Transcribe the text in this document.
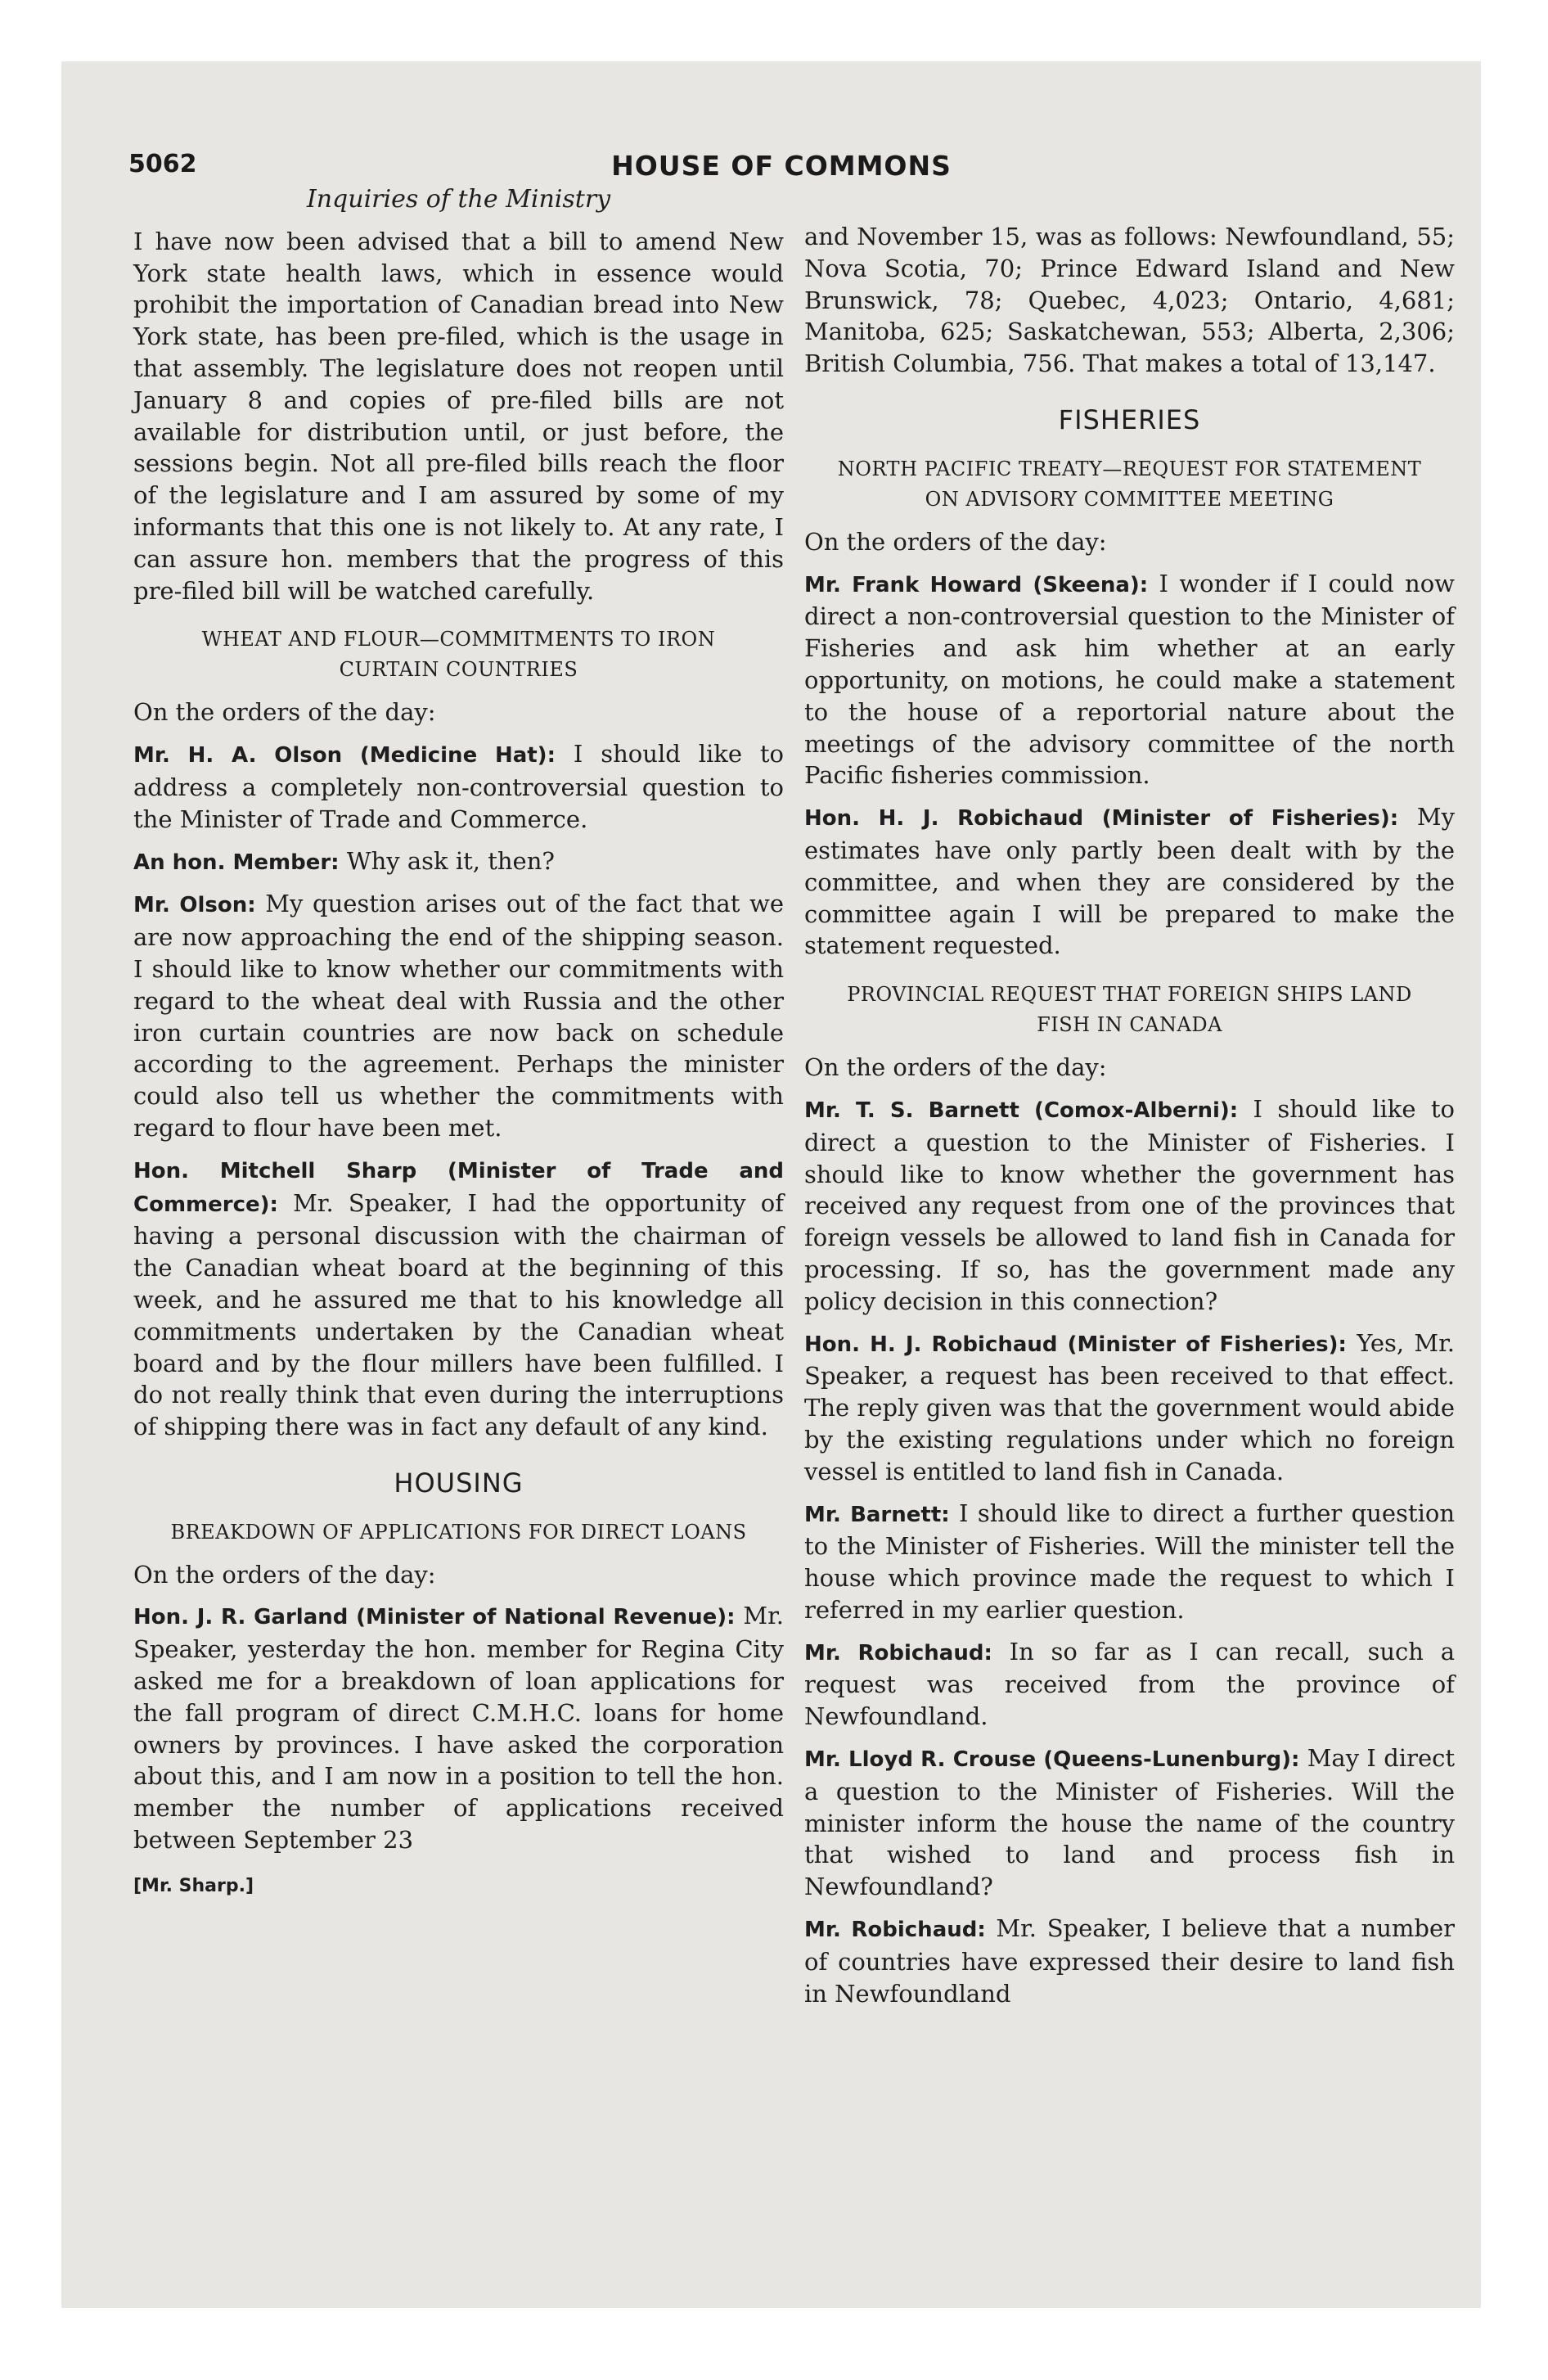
5062	HOUSE OF COMMONS

Inquiries of the Ministry

I have now been advised that a bill to amend New York state health laws, which in essence would prohibit the importation of Canadian bread into New York state, has been pre-filed, which is the usage in that assembly. The legislature does not reopen until January 8 and copies of pre-filed bills are not available for distribution until, or just before, the sessions begin. Not all pre-filed bills reach the floor of the legislature and I am assured by some of my informants that this one is not likely to. At any rate, I can assure hon. members that the progress of this pre-filed bill will be watched carefully.

WHEAT AND FLOUR—COMMITMENTS TO IRON CURTAIN COUNTRIES

On the orders of the day:

Mr. H. A. Olson (Medicine Hat): I should like to address a completely non-controversial question to the Minister of Trade and Commerce.

An hon. Member: Why ask it, then?

Mr. Olson: My question arises out of the fact that we are now approaching the end of the shipping season. I should like to know whether our commitments with regard to the wheat deal with Russia and the other iron curtain countries are now back on schedule according to the agreement. Perhaps the minister could also tell us whether the commitments with regard to flour have been met.

Hon. Mitchell Sharp (Minister of Trade and Commerce): Mr. Speaker, I had the opportunity of having a personal discussion with the chairman of the Canadian wheat board at the beginning of this week, and he assured me that to his knowledge all commitments undertaken by the Canadian wheat board and by the flour millers have been fulfilled. I do not really think that even during the interruptions of shipping there was in fact any default of any kind.

HOUSING

BREAKDOWN OF APPLICATIONS FOR DIRECT LOANS

On the orders of the day:

Hon. J. R. Garland (Minister of National Revenue): Mr. Speaker, yesterday the hon. member for Regina City asked me for a breakdown of loan applications for the fall program of direct C.M.H.C. loans for home owners by provinces. I have asked the corporation about this, and I am now in a position to tell the hon. member the number of applications received between September 23

[Mr. Sharp.]

and November 15, was as follows: Newfoundland, 55; Nova Scotia, 70; Prince Edward Island and New Brunswick, 78; Quebec, 4,023; Ontario, 4,681; Manitoba, 625; Saskatchewan, 553; Alberta, 2,306; British Columbia, 756. That makes a total of 13,147.

FISHERIES

NORTH PACIFIC TREATY—REQUEST FOR STATEMENT ON ADVISORY COMMITTEE MEETING

On the orders of the day:

Mr. Frank Howard (Skeena): I wonder if I could now direct a non-controversial question to the Minister of Fisheries and ask him whether at an early opportunity, on motions, he could make a statement to the house of a reportorial nature about the meetings of the advisory committee of the north Pacific fisheries commission.

Hon. H. J. Robichaud (Minister of Fisheries): My estimates have only partly been dealt with by the committee, and when they are considered by the committee again I will be prepared to make the statement requested.

PROVINCIAL REQUEST THAT FOREIGN SHIPS LAND FISH IN CANADA

On the orders of the day:

Mr. T. S. Barnett (Comox-Alberni): I should like to direct a question to the Minister of Fisheries. I should like to know whether the government has received any request from one of the provinces that foreign vessels be allowed to land fish in Canada for processing. If so, has the government made any policy decision in this connection?

Hon. H. J. Robichaud (Minister of Fisheries): Yes, Mr. Speaker, a request has been received to that effect. The reply given was that the government would abide by the existing regulations under which no foreign vessel is entitled to land fish in Canada.

Mr. Barnett: I should like to direct a further question to the Minister of Fisheries. Will the minister tell the house which province made the request to which I referred in my earlier question.

Mr. Robichaud: In so far as I can recall, such a request was received from the province of Newfoundland.

Mr. Lloyd R. Crouse (Queens-Lunenburg): May I direct a question to the Minister of Fisheries. Will the minister inform the house the name of the country that wished to land and process fish in Newfoundland?

Mr. Robichaud: Mr. Speaker, I believe that a number of countries have expressed their desire to land fish in Newfoundland
